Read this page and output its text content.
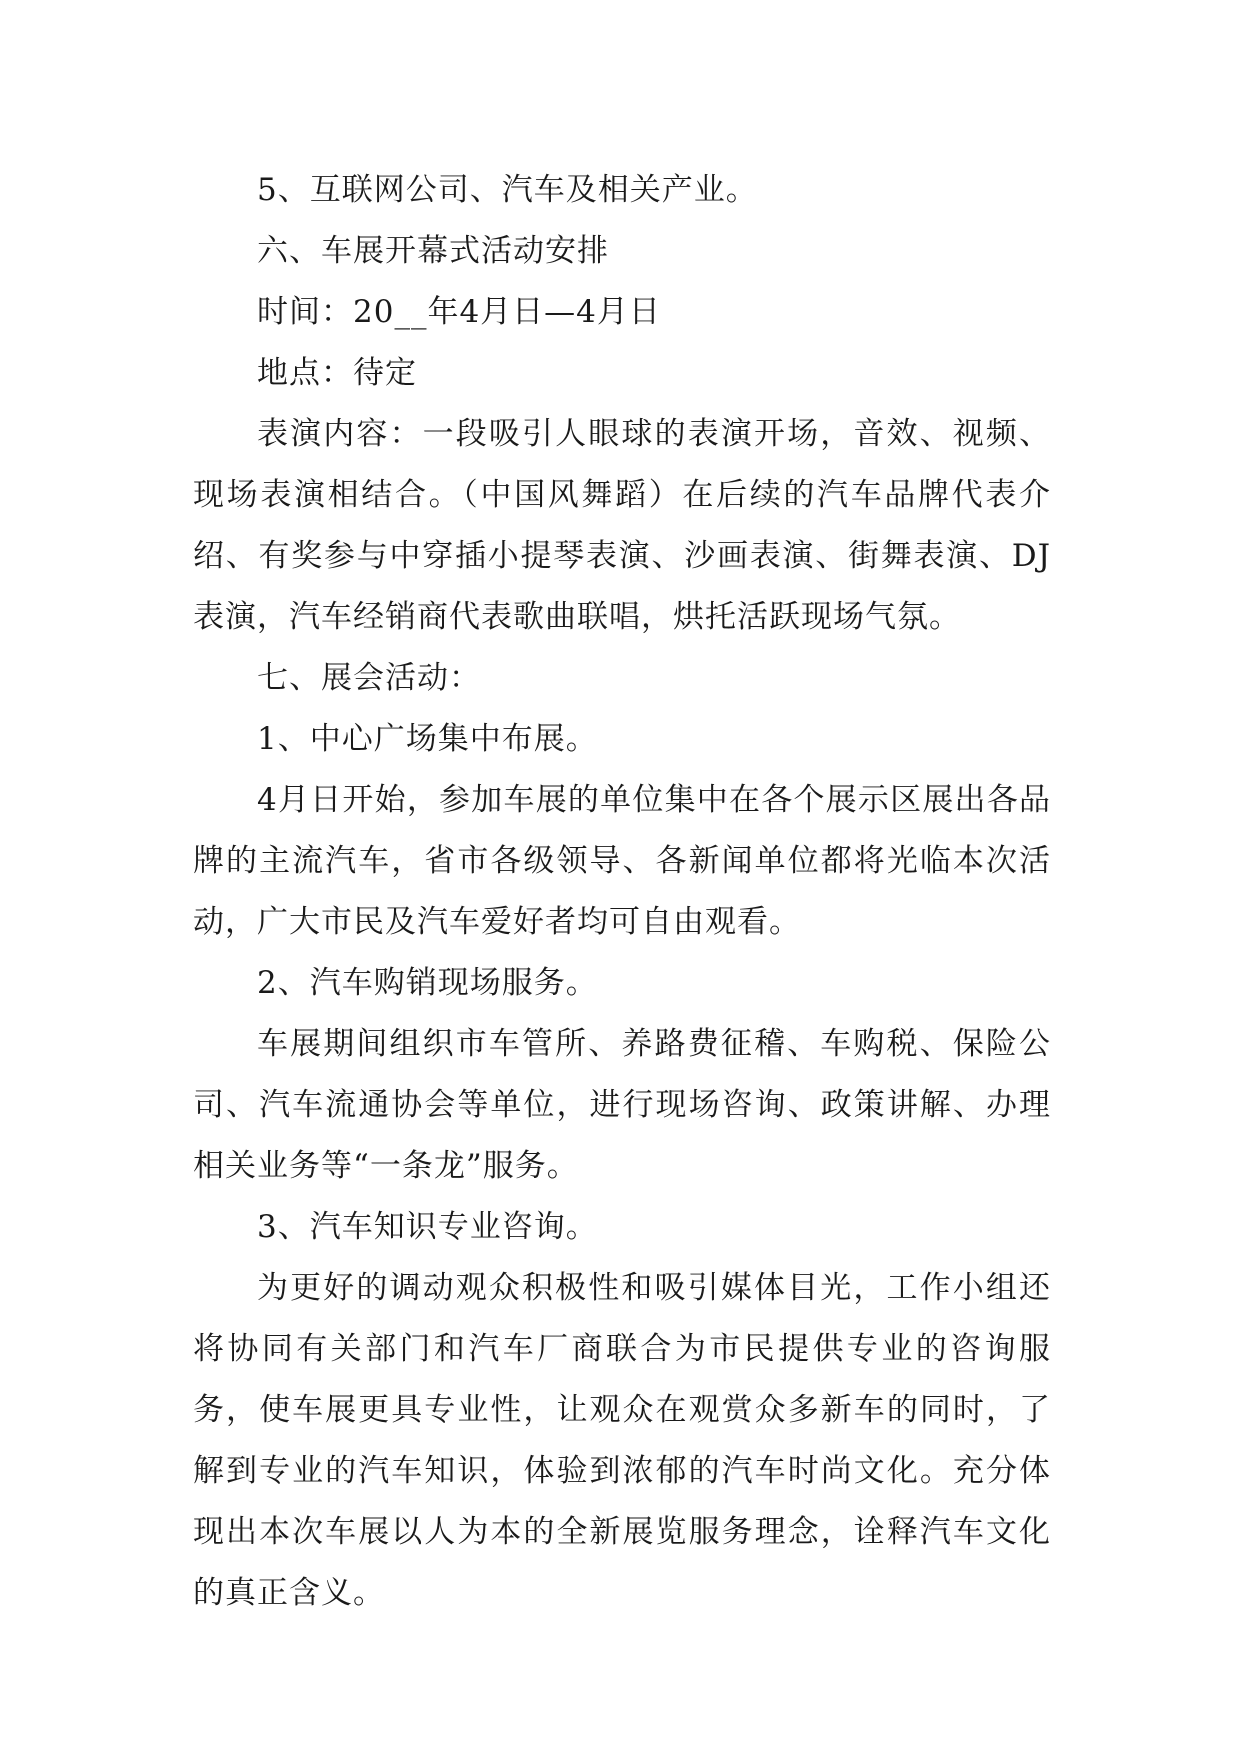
5、互联网公司、汽车及相关产业。

六、车展开幕式活动安排

时间：20__年4月日—4月日

地点：待定

表演内容：一段吸引人眼球的表演开场，音效、视频、现场表演相结合。（中国风舞蹈）在后续的汽车品牌代表介绍、有奖参与中穿插小提琴表演、沙画表演、街舞表演、DJ表演，汽车经销商代表歌曲联唱，烘托活跃现场气氛。

七、展会活动：

1、中心广场集中布展。

4月日开始，参加车展的单位集中在各个展示区展出各品牌的主流汽车，省市各级领导、各新闻单位都将光临本次活动，广大市民及汽车爱好者均可自由观看。

2、汽车购销现场服务。

车展期间组织市车管所、养路费征稽、车购税、保险公司、汽车流通协会等单位，进行现场咨询、政策讲解、办理相关业务等“一条龙”服务。

3、汽车知识专业咨询。

为更好的调动观众积极性和吸引媒体目光，工作小组还将协同有关部门和汽车厂商联合为市民提供专业的咨询服务，使车展更具专业性，让观众在观赏众多新车的同时，了解到专业的汽车知识，体验到浓郁的汽车时尚文化。充分体现出本次车展以人为本的全新展览服务理念，诠释汽车文化的真正含义。
